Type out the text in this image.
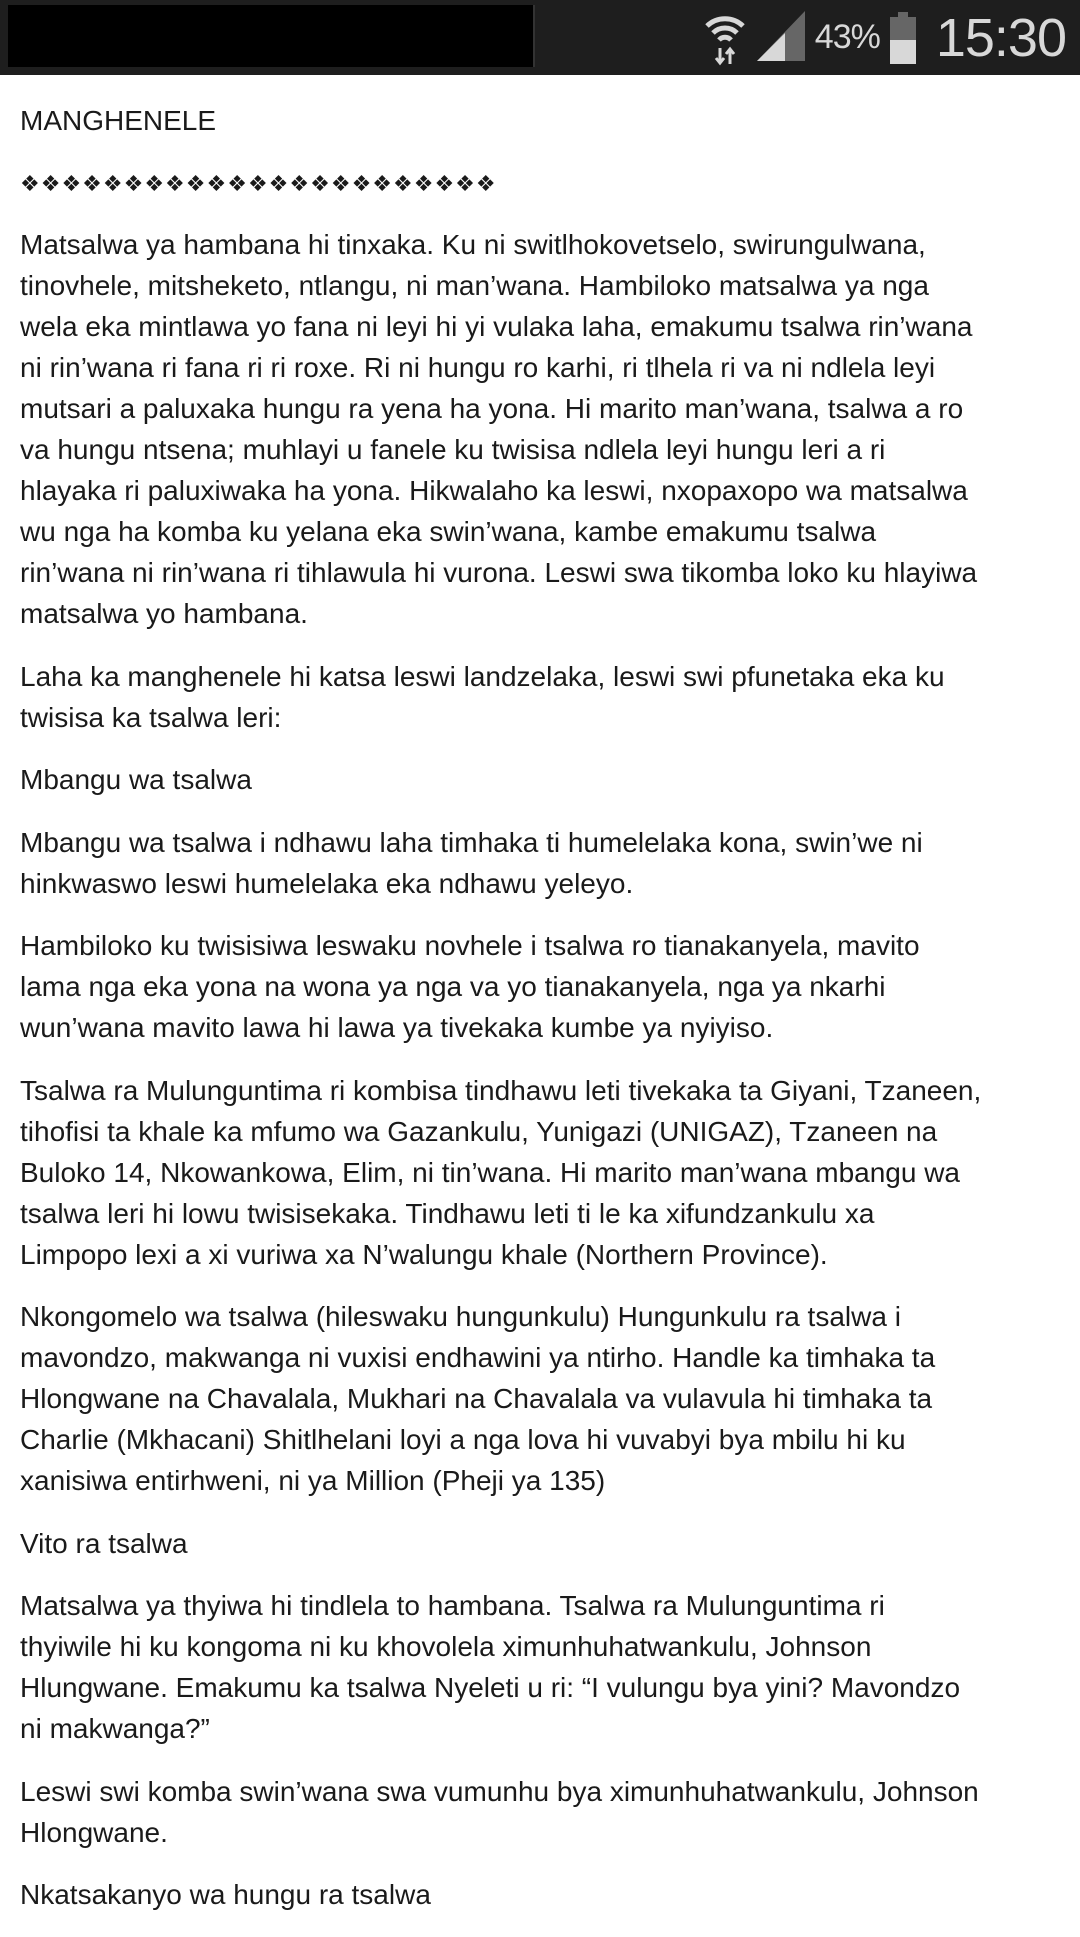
43% 15:30
MANGHENELE
❖❖❖❖❖❖❖❖❖❖❖❖❖❖❖❖❖❖❖❖❖❖❖
Matsalwa ya hambana hi tinxaka. Ku ni switlhokovetselo, swirungulwana,
tinovhele, mitsheketo, ntlangu, ni man’wana. Hambiloko matsalwa ya nga
wela eka mintlawa yo fana ni leyi hi yi vulaka laha, emakumu tsalwa rin’wana
ni rin’wana ri fana ri ri roxe. Ri ni hungu ro karhi, ri tlhela ri va ni ndlela leyi
mutsari a paluxaka hungu ra yena ha yona. Hi marito man’wana, tsalwa a ro
va hungu ntsena; muhlayi u fanele ku twisisa ndlela leyi hungu leri a ri
hlayaka ri paluxiwaka ha yona. Hikwalaho ka leswi, nxopaxopo wa matsalwa
wu nga ha komba ku yelana eka swin’wana, kambe emakumu tsalwa
rin’wana ni rin’wana ri tihlawula hi vurona. Leswi swa tikomba loko ku hlayiwa
matsalwa yo hambana.
Laha ka manghenele hi katsa leswi landzelaka, leswi swi pfunetaka eka ku
twisisa ka tsalwa leri:
Mbangu wa tsalwa
Mbangu wa tsalwa i ndhawu laha timhaka ti humelelaka kona, swin’we ni
hinkwaswo leswi humelelaka eka ndhawu yeleyo.
Hambiloko ku twisisiwa leswaku novhele i tsalwa ro tianakanyela, mavito
lama nga eka yona na wona ya nga va yo tianakanyela, nga ya nkarhi
wun’wana mavito lawa hi lawa ya tivekaka kumbe ya nyiyiso.
Tsalwa ra Mulunguntima ri kombisa tindhawu leti tivekaka ta Giyani, Tzaneen,
tihofisi ta khale ka mfumo wa Gazankulu, Yunigazi (UNIGAZ), Tzaneen na
Buloko 14, Nkowankowa, Elim, ni tin’wana. Hi marito man’wana mbangu wa
tsalwa leri hi lowu twisisekaka. Tindhawu leti ti le ka xifundzankulu xa
Limpopo lexi a xi vuriwa xa N’walungu khale (Northern Province).
Nkongomelo wa tsalwa (hileswaku hungunkulu) Hungunkulu ra tsalwa i
mavondzo, makwanga ni vuxisi endhawini ya ntirho. Handle ka timhaka ta
Hlongwane na Chavalala, Mukhari na Chavalala va vulavula hi timhaka ta
Charlie (Mkhacani) Shitlhelani loyi a nga lova hi vuvabyi bya mbilu hi ku
xanisiwa entirhweni, ni ya Million (Pheji ya 135)
Vito ra tsalwa
Matsalwa ya thyiwa hi tindlela to hambana. Tsalwa ra Mulunguntima ri
thyiwile hi ku kongoma ni ku khovolela ximunhuhatwankulu, Johnson
Hlungwane. Emakumu ka tsalwa Nyeleti u ri: “I vulungu bya yini? Mavondzo
ni makwanga?”
Leswi swi komba swin’wana swa vumunhu bya ximunhuhatwankulu, Johnson
Hlongwane.
Nkatsakanyo wa hungu ra tsalwa
